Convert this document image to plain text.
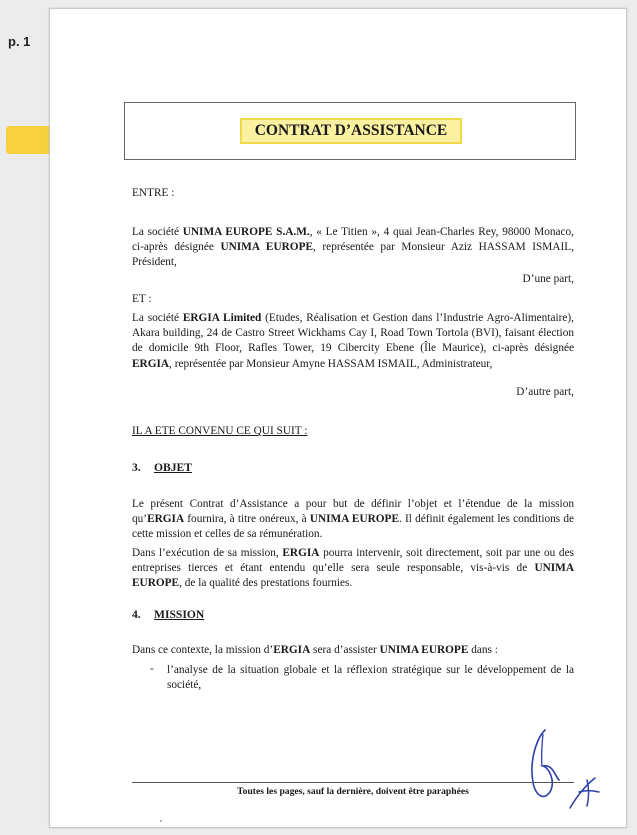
p. 1
CONTRAT D’ASSISTANCE
ENTRE :
La société UNIMA EUROPE S.A.M., « Le Titien », 4 quai Jean-Charles Rey, 98000 Monaco, ci-après désignée UNIMA EUROPE, représentée par Monsieur Aziz HASSAM ISMAIL, Président,
D’une part,
ET :
La société ERGIA Limited (Etudes, Réalisation et Gestion dans l’Industrie Agro-Alimentaire), Akara building, 24 de Castro Street Wickhams Cay I, Road Town Tortola (BVI), faisant élection de domicile 9th Floor, Rafles Tower, 19 Cibercity Ebene (Île Maurice), ci-après désignée ERGIA, représentée par Monsieur Amyne HASSAM ISMAIL, Administrateur,
D’autre part,
IL A ETE CONVENU CE QUI SUIT :
3. OBJET
Le présent Contrat d’Assistance a pour but de définir l’objet et l’étendue de la mission qu’ERGIA fournira, à titre onéreux, à UNIMA EUROPE. Il définit également les conditions de cette mission et celles de sa rémunération.
Dans l’exécution de sa mission, ERGIA pourra intervenir, soit directement, soit par une ou des entreprises tierces et étant entendu qu’elle sera seule responsable, vis-à-vis de UNIMA EUROPE, de la qualité des prestations fournies.
4. MISSION
Dans ce contexte, la mission d’ERGIA sera d’assister UNIMA EUROPE dans :
- l’analyse de la situation globale et la réflexion stratégique sur le développement de la société,
Toutes les pages, sauf la dernière, doivent être paraphées
